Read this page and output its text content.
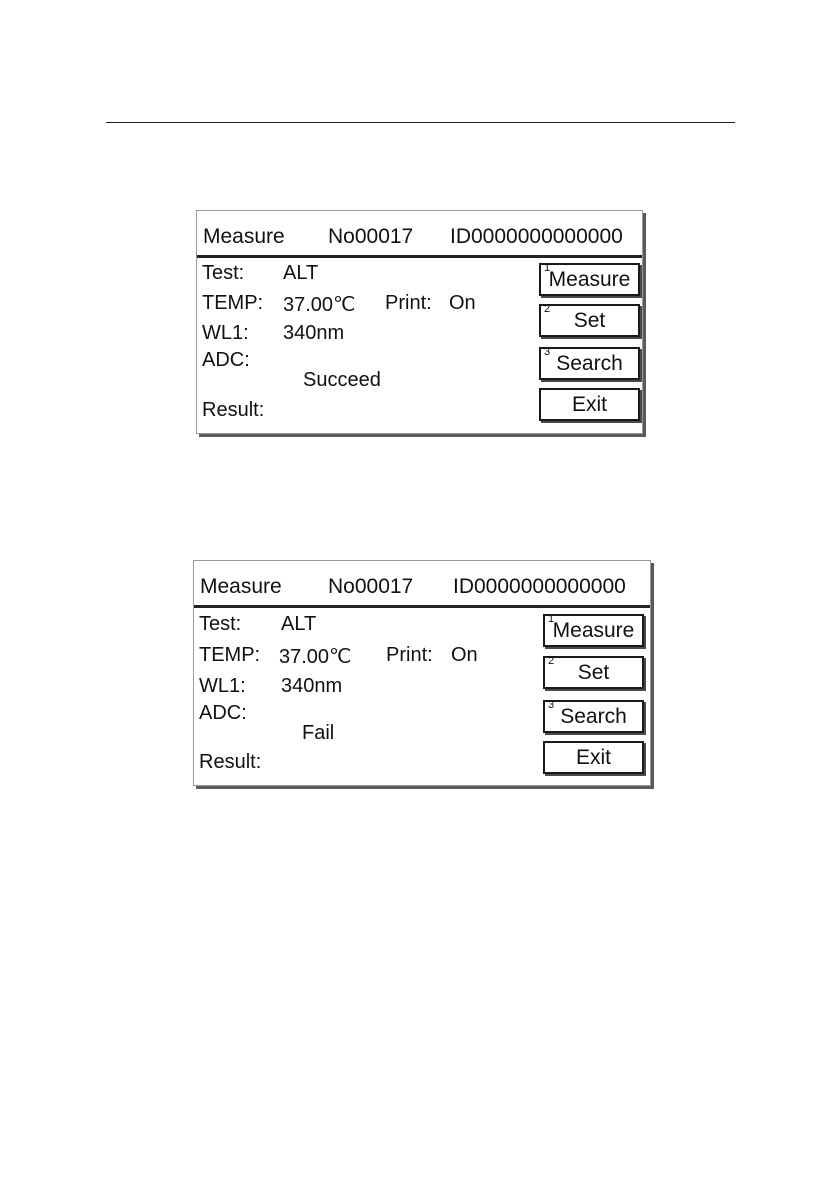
Measure No00017 ID0000000000000
Test: ALT
TEMP: 37.00℃ Print: On
WL1: 340nm
ADC:
Succeed
Result:
1
Measure
2 Set
3 Search
Exit
Measure No00017 ID0000000000000
Test: ALT
TEMP: 37.00℃ Print: On
WL1: 340nm
ADC:
Fail
Result:
1
Measure
2 Set
3 Search
Exit
